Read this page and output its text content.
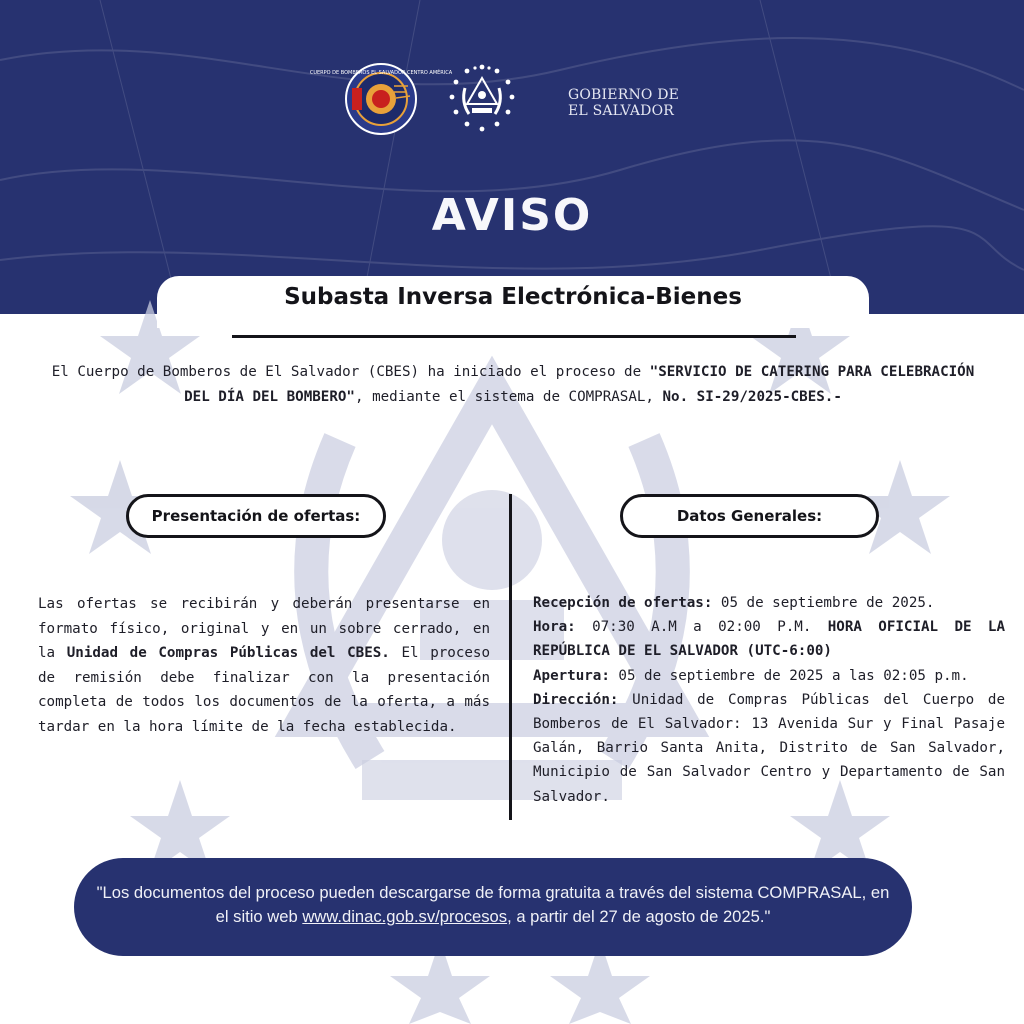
CUERPO DE BOMBEROS EL SALVADOR CENTRO AMÉRICA
GOBIERNO DE
EL SALVADOR
AVISO
Subasta Inversa Electrónica-Bienes
El Cuerpo de Bomberos de El Salvador (CBES) ha iniciado el proceso de "SERVICIO DE CATERING PARA CELEBRACIÓN DEL DÍA DEL BOMBERO", mediante el sistema de COMPRASAL, No. SI-29/2025-CBES.-
Presentación de ofertas:	Datos Generales:
Las ofertas se recibirán y deberán presentarse en formato físico, original y en un sobre cerrado, en la Unidad de Compras Públicas del CBES. El proceso de remisión debe finalizar con la presentación completa de todos los documentos de la oferta, a más tardar en la hora límite de la fecha establecida.

Recepción de ofertas: 05 de septiembre de 2025.

Hora: 07:30 A.M a 02:00 P.M. HORA OFICIAL DE LA REPÚBLICA DE EL SALVADOR (UTC-6:00)

Apertura: 05 de septiembre de 2025 a las 02:05 p.m.

Dirección: Unidad de Compras Públicas del Cuerpo de Bomberos de El Salvador: 13 Avenida Sur y Final Pasaje Galán, Barrio Santa Anita, Distrito de San Salvador, Municipio de San Salvador Centro y Departamento de San Salvador.

"Los documentos del proceso pueden descargarse de forma gratuita a través del sistema COMPRASAL, en el sitio web www.dinac.gob.sv/procesos, a partir del 27 de agosto de 2025."
